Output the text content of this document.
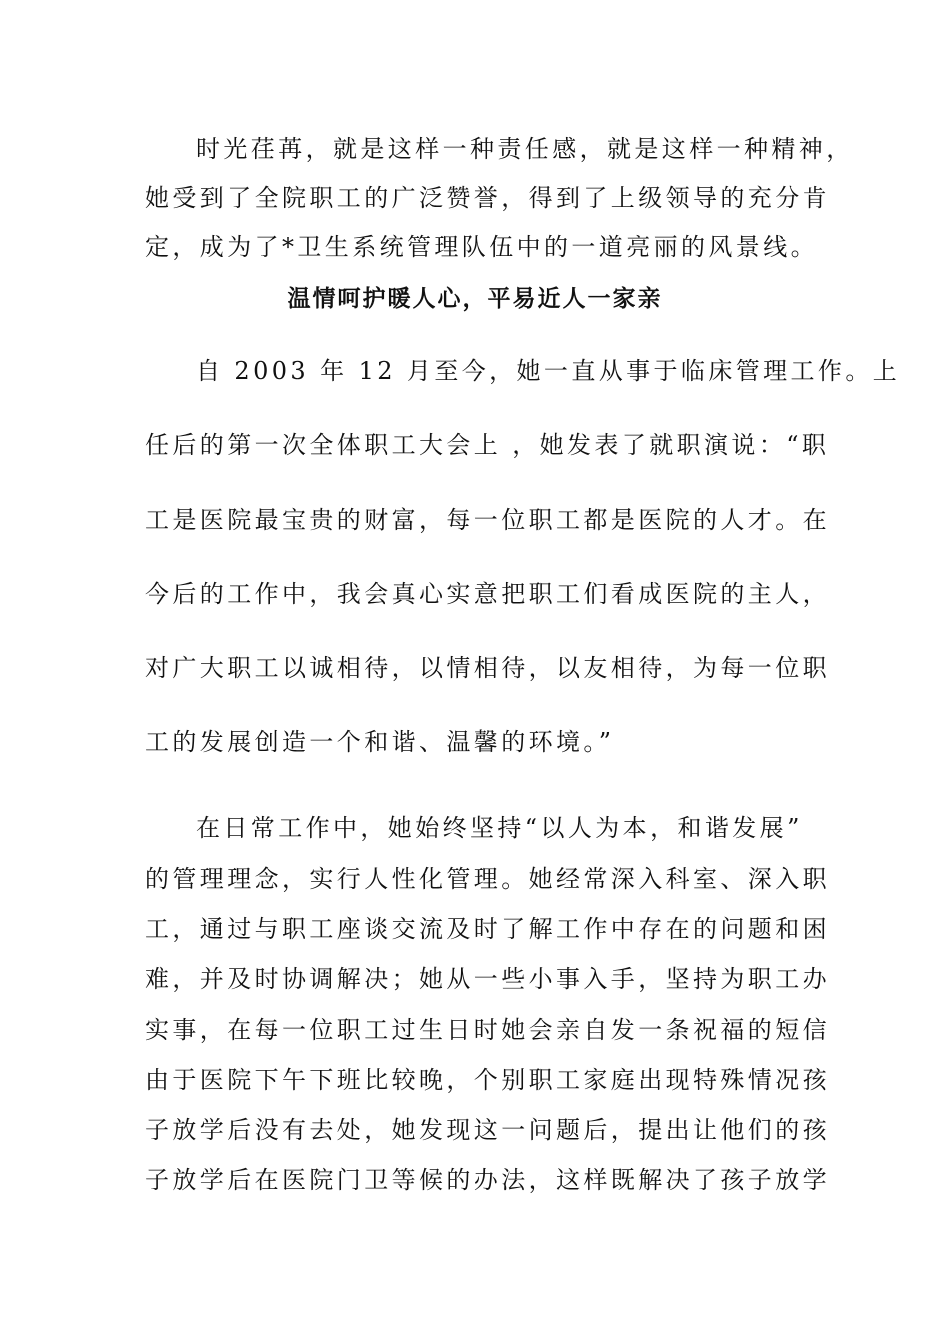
时光荏苒，就是这样一种责任感，就是这样一种精神，

她受到了全院职工的广泛赞誉，得到了上级领导的充分肯

定，成为了*卫生系统管理队伍中的一道亮丽的风景线。

温情呵护暖人心，平易近人一家亲

自 2003 年 12 月至今，她一直从事于临床管理工作。上

任后的第一次全体职工大会上 ，她发表了就职演说：“职

工是医院最宝贵的财富，每一位职工都是医院的人才。在

今后的工作中，我会真心实意把职工们看成医院的主人，

对广大职工以诚相待，以情相待，以友相待，为每一位职

工的发展创造一个和谐、温馨的环境。”

在日常工作中，她始终坚持“以人为本，和谐发展”

的管理理念，实行人性化管理。她经常深入科室、深入职

工，通过与职工座谈交流及时了解工作中存在的问题和困

难，并及时协调解决；她从一些小事入手，坚持为职工办

实事，在每一位职工过生日时她会亲自发一条祝福的短信

由于医院下午下班比较晚，个别职工家庭出现特殊情况孩

子放学后没有去处，她发现这一问题后，提出让他们的孩

子放学后在医院门卫等候的办法，这样既解决了孩子放学
